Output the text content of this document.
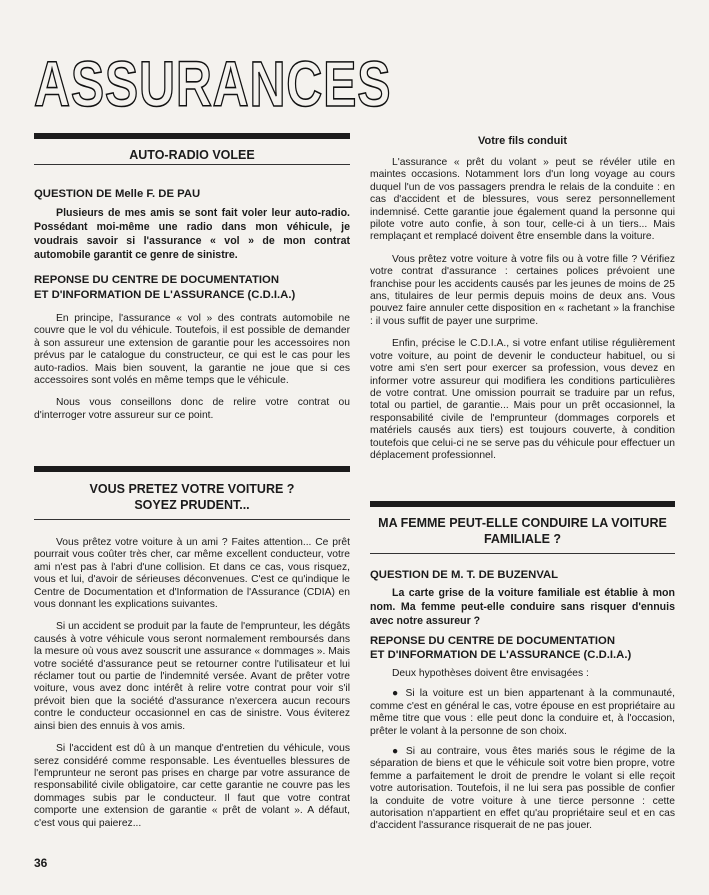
ASSURANCES
AUTO-RADIO VOLEE
QUESTION DE Melle F. DE PAU
Plusieurs de mes amis se sont fait voler leur auto-radio. Possédant moi-même une radio dans mon véhicule, je voudrais savoir si l'assurance « vol » de mon contrat automobile garantit ce genre de sinistre.
REPONSE DU CENTRE DE DOCUMENTATION
ET D'INFORMATION DE L'ASSURANCE (C.D.I.A.)

En principe, l'assurance « vol » des contrats automobile ne couvre que le vol du véhicule. Toutefois, il est possible de demander à son assureur une extension de garantie pour les accessoires non prévus par le catalogue du constructeur, ce qui est le cas pour les auto-radios. Mais bien souvent, la garantie ne joue que si ces accessoires sont volés en même temps que le véhicule.

Nous vous conseillons donc de relire votre contrat ou d'interroger votre assureur sur ce point.

VOUS PRETEZ VOTRE VOITURE ?
SOYEZ PRUDENT...

Vous prêtez votre voiture à un ami ? Faites attention... Ce prêt pourrait vous coûter très cher, car même excellent conducteur, votre ami n'est pas à l'abri d'une collision. Et dans ce cas, vous risquez, vous et lui, d'avoir de sérieuses déconvenues. C'est ce qu'indique le Centre de Documentation et d'Information de l'Assurance (CDIA) en vous donnant les explications suivantes.

Si un accident se produit par la faute de l'emprunteur, les dégâts causés à votre véhicule vous seront normalement remboursés dans la mesure où vous avez souscrit une assurance « dommages ». Mais votre société d'assurance peut se retourner contre l'utilisateur et lui réclamer tout ou partie de l'indemnité versée. Avant de prêter votre voiture, vous avez donc intérêt à relire votre contrat pour voir s'il prévoit bien que la société d'assurance n'exercera aucun recours contre le conducteur occasionnel en cas de sinistre. Vous éviterez ainsi bien des ennuis à vos amis.

Si l'accident est dû à un manque d'entretien du véhicule, vous serez considéré comme responsable. Les éventuelles blessures de l'emprunteur ne seront pas prises en charge par votre assurance de responsabilité civile obligatoire, car cette garantie ne couvre pas les dommages subis par le conducteur. Il faut que votre contrat comporte une extension de garantie « prêt de volant ». A défaut, c'est vous qui paierez...

36
Votre fils conduit

L'assurance « prêt du volant » peut se révéler utile en maintes occasions. Notamment lors d'un long voyage au cours duquel l'un de vos passagers prendra le relais de la conduite : en cas d'accident et de blessures, vous serez personnellement indemnisé. Cette garantie joue également quand la personne qui pilote votre auto confie, à son tour, celle-ci à un tiers... Mais remplaçant et remplacé doivent être ensemble dans la voiture.

Vous prêtez votre voiture à votre fils ou à votre fille ? Vérifiez votre contrat d'assurance : certaines polices prévoient une franchise pour les accidents causés par les jeunes de moins de 25 ans, titulaires de leur permis depuis moins de deux ans. Vous pouvez faire annuler cette disposition en « rachetant » la franchise : il vous suffit de payer une surprime.

Enfin, précise le C.D.I.A., si votre enfant utilise régulièrement votre voiture, au point de devenir le conducteur habituel, ou si votre ami s'en sert pour exercer sa profession, vous devez en informer votre assureur qui modifiera les conditions particulières de votre contrat. Une omission pourrait se traduire par un refus, total ou partiel, de garantie... Mais pour un prêt occasionnel, la responsabilité civile de l'emprunteur (dommages corporels et matériels causés aux tiers) est toujours couverte, à condition toutefois que celui-ci ne se serve pas du véhicule pour effectuer un déplacement professionnel.

MA FEMME PEUT-ELLE CONDUIRE LA VOITURE
FAMILIALE ?
QUESTION DE M. T. DE BUZENVAL
La carte grise de la voiture familiale est établie à mon nom. Ma femme peut-elle conduire sans risquer d'ennuis avec notre assureur ?
REPONSE DU CENTRE DE DOCUMENTATION
ET D'INFORMATION DE L'ASSURANCE (C.D.I.A.)

Deux hypothèses doivent être envisagées :

● Si la voiture est un bien appartenant à la communauté, comme c'est en général le cas, votre épouse en est propriétaire au même titre que vous : elle peut donc la conduire et, à l'occasion, prêter le volant à la personne de son choix.

● Si au contraire, vous êtes mariés sous le régime de la séparation de biens et que le véhicule soit votre bien propre, votre femme a parfaitement le droit de prendre le volant si elle reçoit votre autorisation. Toutefois, il ne lui sera pas possible de confier la conduite de votre voiture à une tierce personne : cette autorisation n'appartient en effet qu'au propriétaire seul et en cas d'accident l'assurance risquerait de ne pas jouer.
